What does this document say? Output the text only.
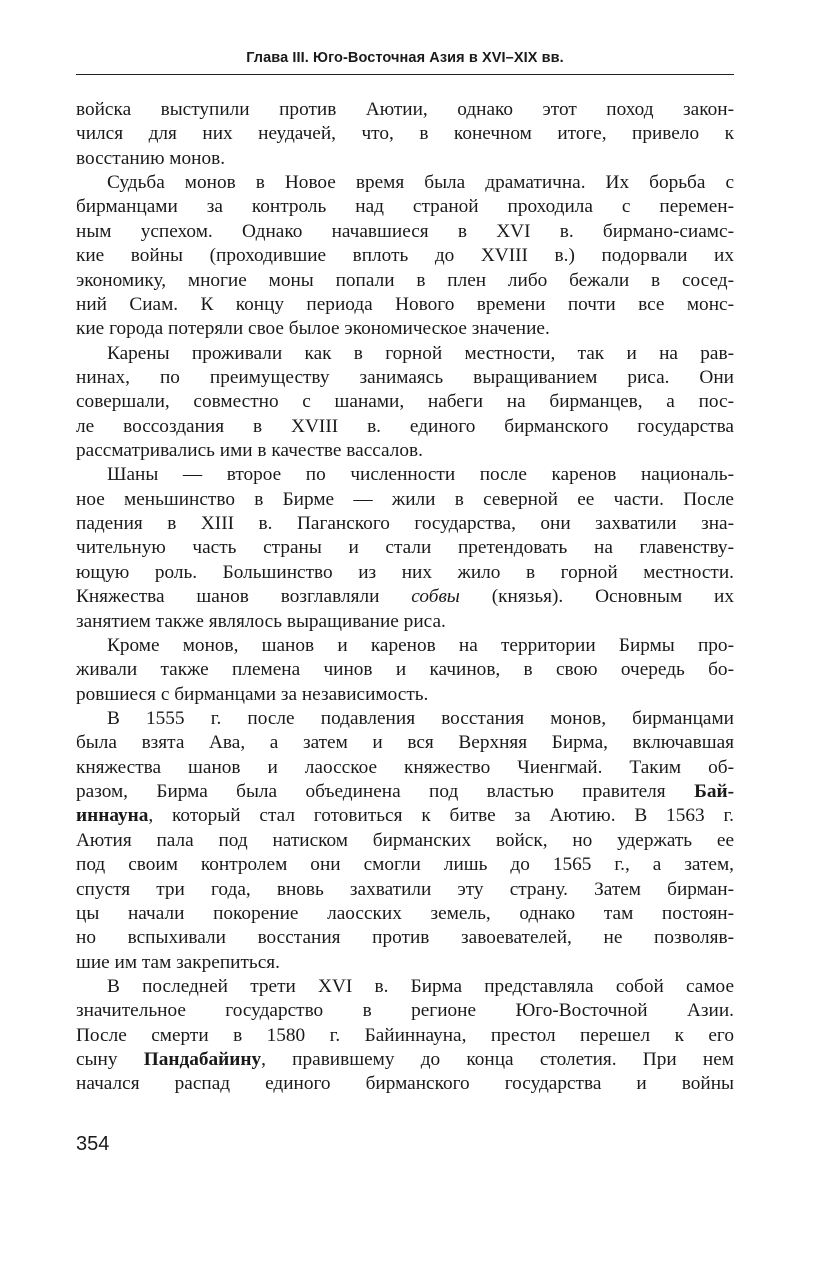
Глава III. Юго-Восточная Азия в XVI–XIX вв.
войска выступили против Аютии, однако этот поход закон-
чился для них неудачей, что, в конечном итоге, привело к
восстанию монов.
Судьба монов в Новое время была драматична. Их борьба с
бирманцами за контроль над страной проходила с перемен-
ным успехом. Однако начавшиеся в XVI в. бирмано-сиамс-
кие войны (проходившие вплоть до XVIII в.) подорвали их
экономику, многие моны попали в плен либо бежали в сосед-
ний Сиам. К концу периода Нового времени почти все монс-
кие города потеряли свое былое экономическое значение.
Карены проживали как в горной местности, так и на рав-
нинах, по преимуществу занимаясь выращиванием риса. Они
совершали, совместно с шанами, набеги на бирманцев, а пос-
ле воссоздания в XVIII в. единого бирманского государства
рассматривались ими в качестве вассалов.
Шаны — второе по численности после каренов националь-
ное меньшинство в Бирме — жили в северной ее части. После
падения в XIII в. Паганского государства, они захватили зна-
чительную часть страны и стали претендовать на главенству-
ющую роль. Большинство из них жило в горной местности.
Княжества шанов возглавляли собвы (князья). Основным их
занятием также являлось выращивание риса.
Кроме монов, шанов и каренов на территории Бирмы про-
живали также племена чинов и качинов, в свою очередь бо-
ровшиеся с бирманцами за независимость.
В 1555 г. после подавления восстания монов, бирманцами
была взята Ава, а затем и вся Верхняя Бирма, включавшая
княжества шанов и лаосское княжество Чиенгмай. Таким об-
разом, Бирма была объединена под властью правителя Бай-
иннауна, который стал готовиться к битве за Аютию. В 1563 г.
Аютия пала под натиском бирманских войск, но удержать ее
под своим контролем они смогли лишь до 1565 г., а затем,
спустя три года, вновь захватили эту страну. Затем бирман-
цы начали покорение лаосских земель, однако там постоян-
но вспыхивали восстания против завоевателей, не позволяв-
шие им там закрепиться.
В последней трети XVI в. Бирма представляла собой самое
значительное государство в регионе Юго-Восточной Азии.
После смерти в 1580 г. Байиннауна, престол перешел к его
сыну Пандабайину, правившему до конца столетия. При нем
начался распад единого бирманского государства и войны
354
